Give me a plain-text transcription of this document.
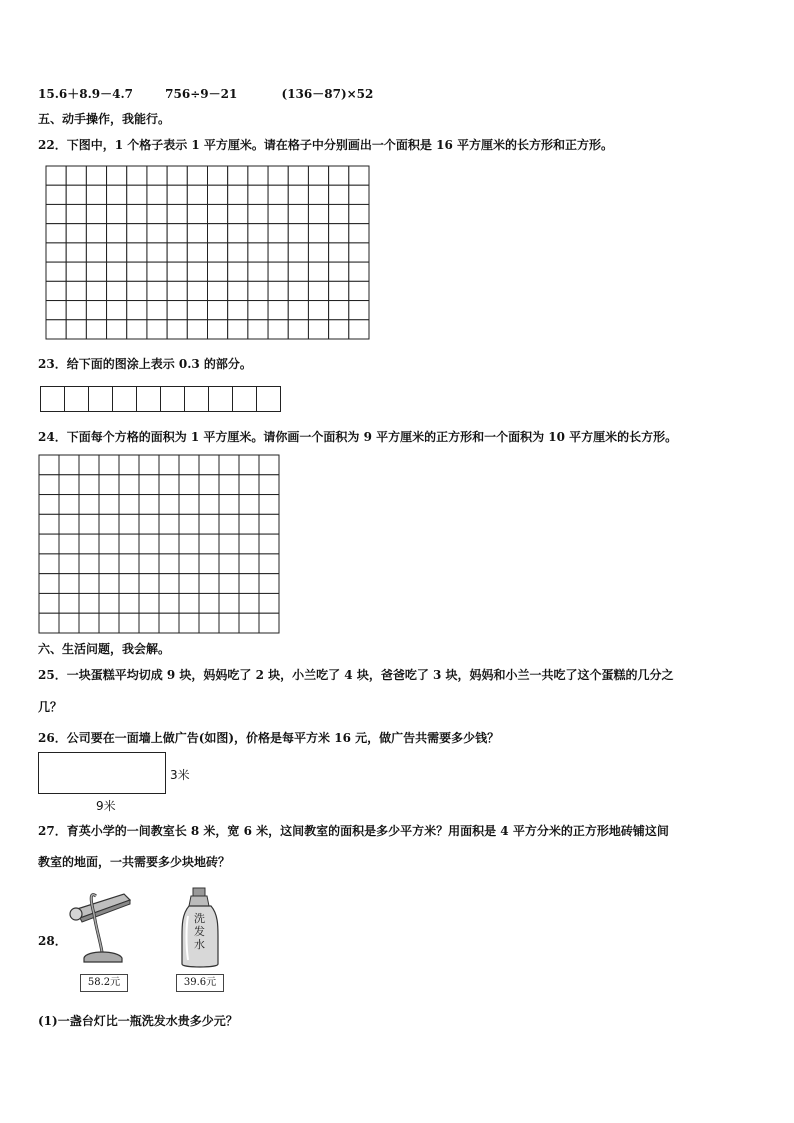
15.6＋8.9－4.7	756÷9－21	(136－87)×52
五、动手操作，我能行。
22．下图中，1 个格子表示 1 平方厘米。请在格子中分别画出一个面积是 16 平方厘米的长方形和正方形。
23．给下面的图涂上表示 0.3 的部分。
24．下面每个方格的面积为 1 平方厘米。请你画一个面积为 9 平方厘米的正方形和一个面积为 10 平方厘米的长方形。
六、生活问题，我会解。
25．一块蛋糕平均切成 9 块，妈妈吃了 2 块，小兰吃了 4 块，爸爸吃了 3 块，妈妈和小兰一共吃了这个蛋糕的几分之
几？
26．公司要在一面墙上做广告(如图)，价格是每平方米 16 元，做广告共需要多少钱？
3米
9米
27．育英小学的一间教室长 8 米，宽 6 米，这间教室的面积是多少平方米？用面积是 4 平方分米的正方形地砖铺这间
教室的地面，一共需要多少块地砖？
28．
58.2元
洗发水
39.6元
(1)一盏台灯比一瓶洗发水贵多少元？
